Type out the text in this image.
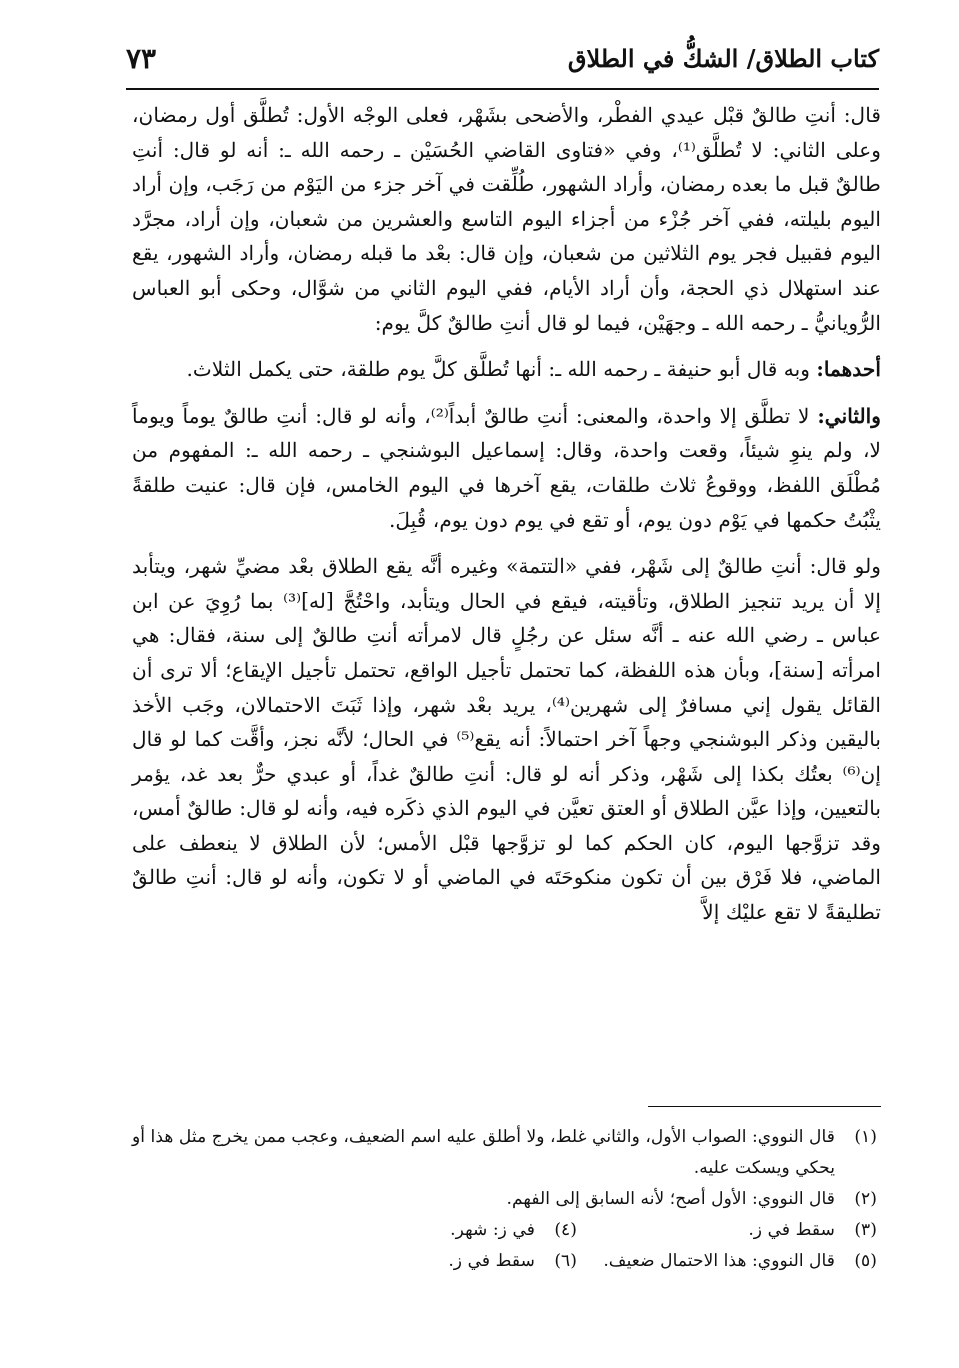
كتاب الطلاق/ الشكُّ في الطلاق
٧٣

قال: أنتِ طالقٌ قبْل عيدي الفطْر، والأضحى بشَهْر، فعلى الوجْه الأول: تُطلَّق أول رمضان، وعلى الثاني: لا تُطلَّق⁽¹⁾، وفي «فتاوى القاضي الحُسَيْن ـ رحمه الله ـ: أنه لو قال: أنتِ طالقٌ قبل ما بعده رمضان، وأراد الشهور، طُلِّقت في آخر جزء من اليَوْم من رَجَب، وإن أراد اليوم بليلته، ففي آخر جُزْء من أجزاء اليوم التاسع والعشرين من شعبان، وإن أراد، مجرَّد اليوم فقبيل فجر يوم الثلاثين من شعبان، وإن قال: بعْد ما قبله رمضان، وأراد الشهور، يقع عند استهلال ذي الحجة، وأن أراد الأيام، ففي اليوم الثاني من شوَّال، وحكى أبو العباس الرُّويانيُّ ـ رحمه الله ـ وجهَيْن، فيما لو قال أنتِ طالقٌ كلَّ يوم:

أحدهما: وبه قال أبو حنيفة ـ رحمه الله ـ: أنها تُطلَّق كلَّ يوم طلقة، حتى يكمل الثلاث.

والثاني: لا تطلَّق إلا واحدة، والمعنى: أنتِ طالقٌ أبداً⁽²⁾، وأنه لو قال: أنتِ طالقٌ يوماً ويوماً لا، ولم ينوِ شيئاً، وقعت واحدة، وقال: إسماعيل البوشنجي ـ رحمه الله ـ: المفهوم من مُطْلَق اللفظ، ووقوعُ ثلاث طلقات، يقع آخرها في اليوم الخامس، فإن قال: عنيت طلقةً يثْبُتُ حكمها في يَوْم دون يوم، أو تقع في يوم دون يوم، قُبِلَ.

ولو قال: أنتِ طالقٌ إلى شَهْر، ففي «التتمة» وغيره أنَّه يقع الطلاق بعْد مضيِّ شهر، ويتأبد إلا أن يريد تنجيز الطلاق، وتأقيته، فيقع في الحال ويتأبد، واحْتُجَّ [له]⁽³⁾ بما رُوِيَ عن ابن عباس ـ رضي الله عنه ـ أنَّه سئل عن رجُلٍ قال لامرأته أنتِ طالقٌ إلى سنة، فقال: هي امرأته [سنة]، وبأن هذه اللفظة، كما تحتمل تأجيل الواقع، تحتمل تأجيل الإيقاع؛ ألا ترى أن القائل يقول إني مسافرٌ إلى شهرين⁽⁴⁾، يريد بعْد شهر، وإذا ثَبَتَ الاحتمالان، وجَب الأخذ باليقين وذكر البوشنجي وجهاً آخر احتمالاً: أنه يقع⁽⁵⁾ في الحال؛ لأنَّه نجز، وأقَّت كما لو قال إن⁽⁶⁾ بعتُك بكذا إلى شَهْر، وذكر أنه لو قال: أنتِ طالقٌ غداً، أو عبدي حرٌّ بعد غد، يؤمر بالتعيين، وإذا عيَّن الطلاق أو العتق تعيَّن في اليوم الذي ذكَره فيه، وأنه لو قال: طالقٌ أمس، وقد تزوَّجها اليوم، كان الحكم كما لو تزوَّجها قبْل الأمس؛ لأن الطلاق لا ينعطف على الماضي، فلا فَرْق بين أن تكون منكوحَتَه في الماضي أو لا تكون، وأنه لو قال: أنتِ طالقٌ تطليقةً لا تقع عليْك إلاَّ

(١)
قال النووي: الصواب الأول، والثاني غلط، ولا أطلق عليه اسم الضعيف، وعجب ممن يخرج مثل هذا أو يحكي ويسكت عليه.
(٢)
قال النووي: الأول أصح؛ لأنه السابق إلى الفهم.
(٣)
سقط في ز.
(٤)
في ز: شهر.
(٥)
قال النووي: هذا الاحتمال ضعيف.
(٦)
سقط في ز.
